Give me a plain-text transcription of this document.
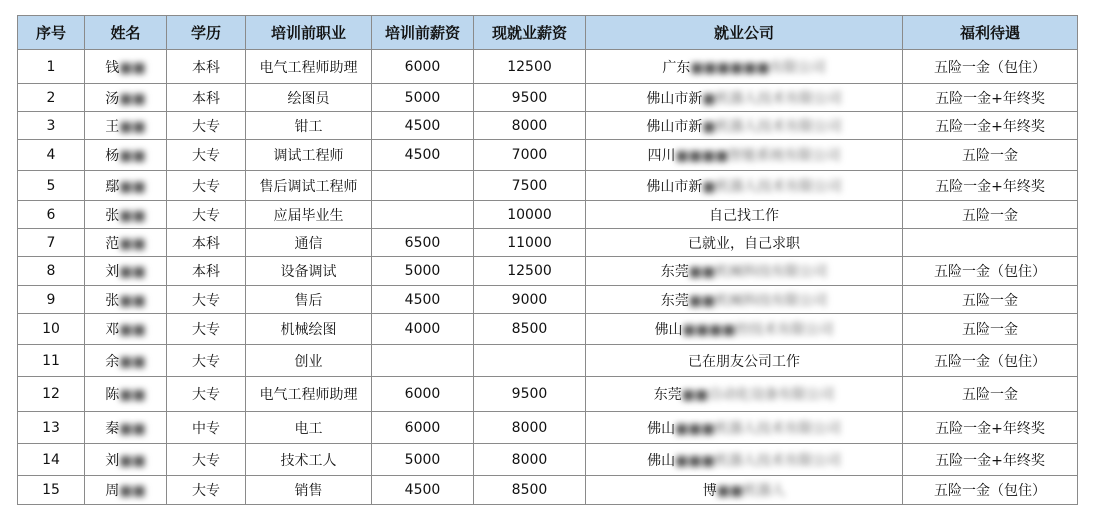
序号	姓名	学历	培训前职业	培训前薪资	现就业薪资	就业公司	福利待遇
1	钱■■	本科	电气工程师助理	6000	12500	广东■■■■■■有限公司	五险一金（包住）
2	汤■■	本科	绘图员	5000	9500	佛山市新■机器人技术有限公司	五险一金+年终奖
3	王■■	大专	钳工	4500	8000	佛山市新■机器人技术有限公司	五险一金+年终奖
4	杨■■	大专	调试工程师	4500	7000	四川■■■■智能系统有限公司	五险一金
5	鄢■■	大专	售后调试工程师		7500	佛山市新■机器人技术有限公司	五险一金+年终奖
6	张■■	大专	应届毕业生		10000	自己找工作	五险一金
7	范■■	本科	通信	6500	11000	已就业，自己求职	
8	刘■■	本科	设备调试	5000	12500	东莞■■机械科技有限公司	五险一金（包住）
9	张■■	大专	售后	4500	9000	东莞■■机械科技有限公司	五险一金
10	邓■■	大专	机械绘图	4000	8500	佛山■■■■控技术有限公司	五险一金
11	余■■	大专	创业			已在朋友公司工作	五险一金（包住）
12	陈■■	大专	电气工程师助理	6000	9500	东莞■■自动化设备有限公司	五险一金
13	秦■■	中专	电工	6000	8000	佛山■■■机器人技术有限公司	五险一金+年终奖
14	刘■■	大专	技术工人	5000	8000	佛山■■■机器人技术有限公司	五险一金+年终奖
15	周■■	大专	销售	4500	8500	博■■机器人	五险一金（包住）
